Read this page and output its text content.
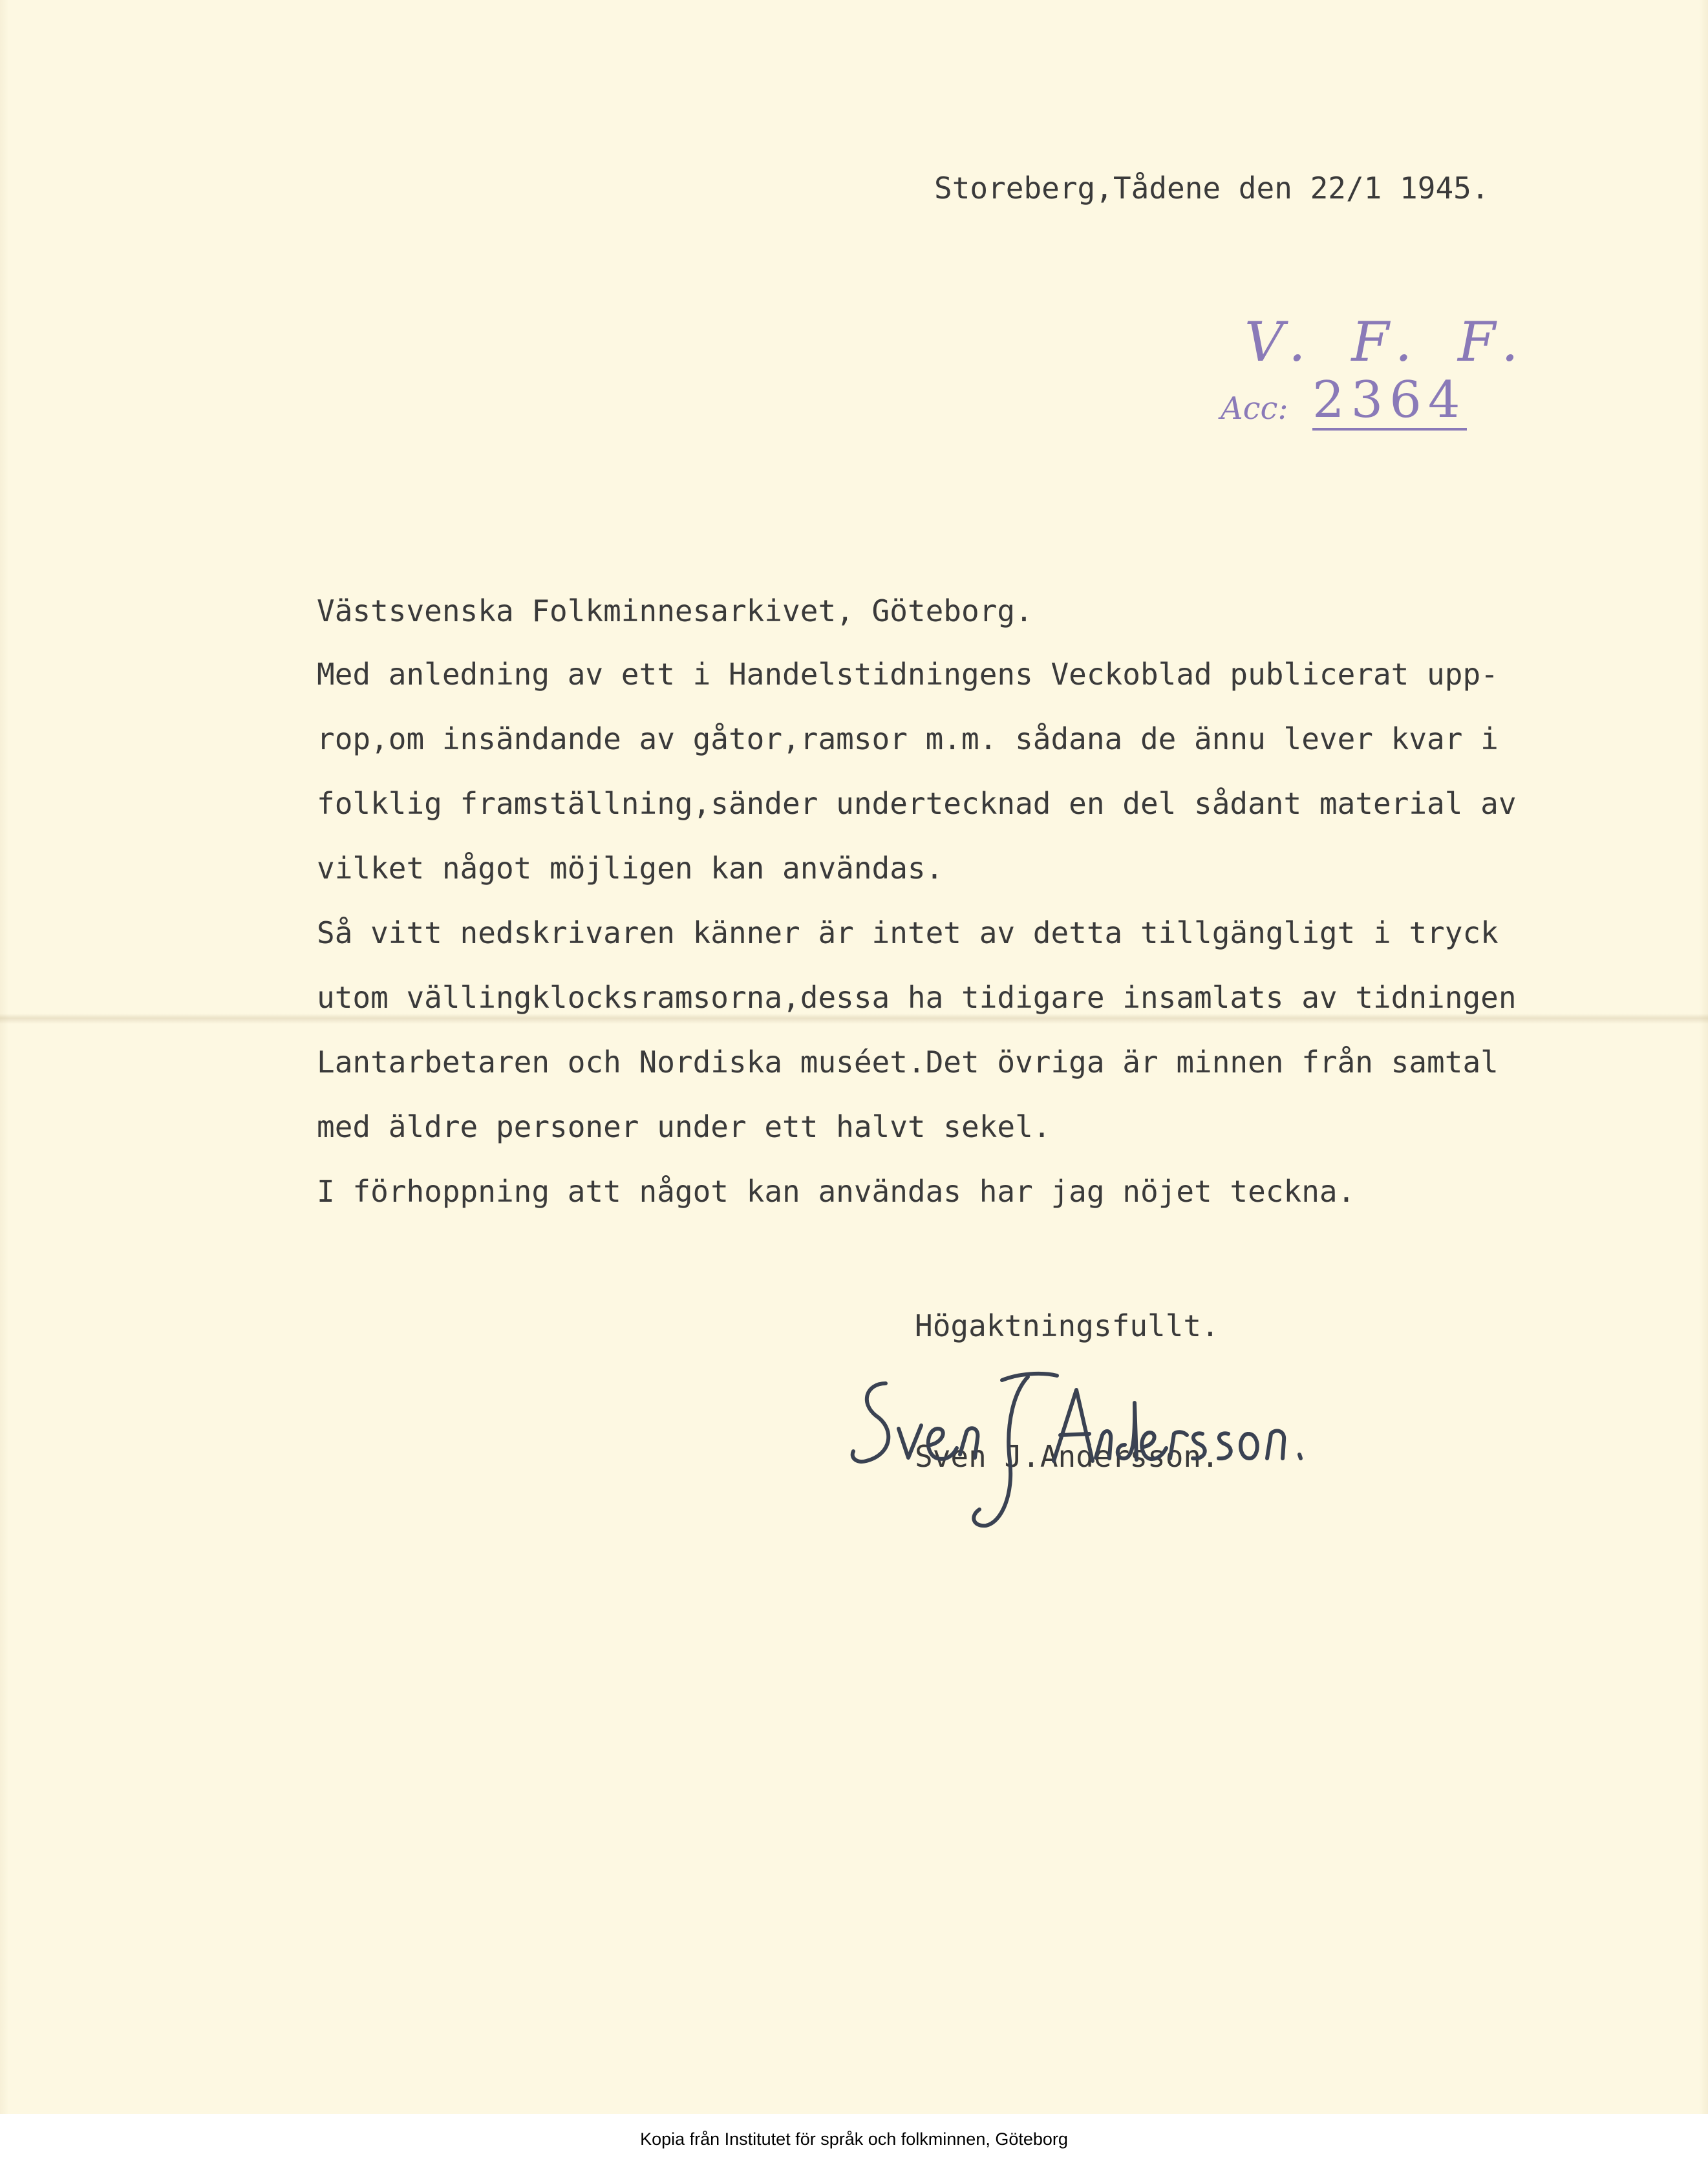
Storeberg,Tådene den 22/1 1945.
V. F. F.
Acc: 2364
Västsvenska Folkminnesarkivet, Göteborg.
Med anledning av ett i Handelstidningens Veckoblad publicerat upp-
rop,om insändande av gåtor,ramsor m.m. sådana de ännu lever kvar i
folklig framställning,sänder undertecknad en del sådant material av
vilket något möjligen kan användas.
Så vitt nedskrivaren känner är intet av detta tillgängligt i tryck
utom vällingklocksramsorna,dessa ha tidigare insamlats av tidningen
Lantarbetaren och Nordiska muséet.Det övriga är minnen från samtal
med äldre personer under ett halvt sekel.
I förhoppning att något kan användas har jag nöjet teckna.
Högaktningsfullt.
Sven J.Andersson.
Kopia från Institutet för språk och folkminnen, Göteborg
